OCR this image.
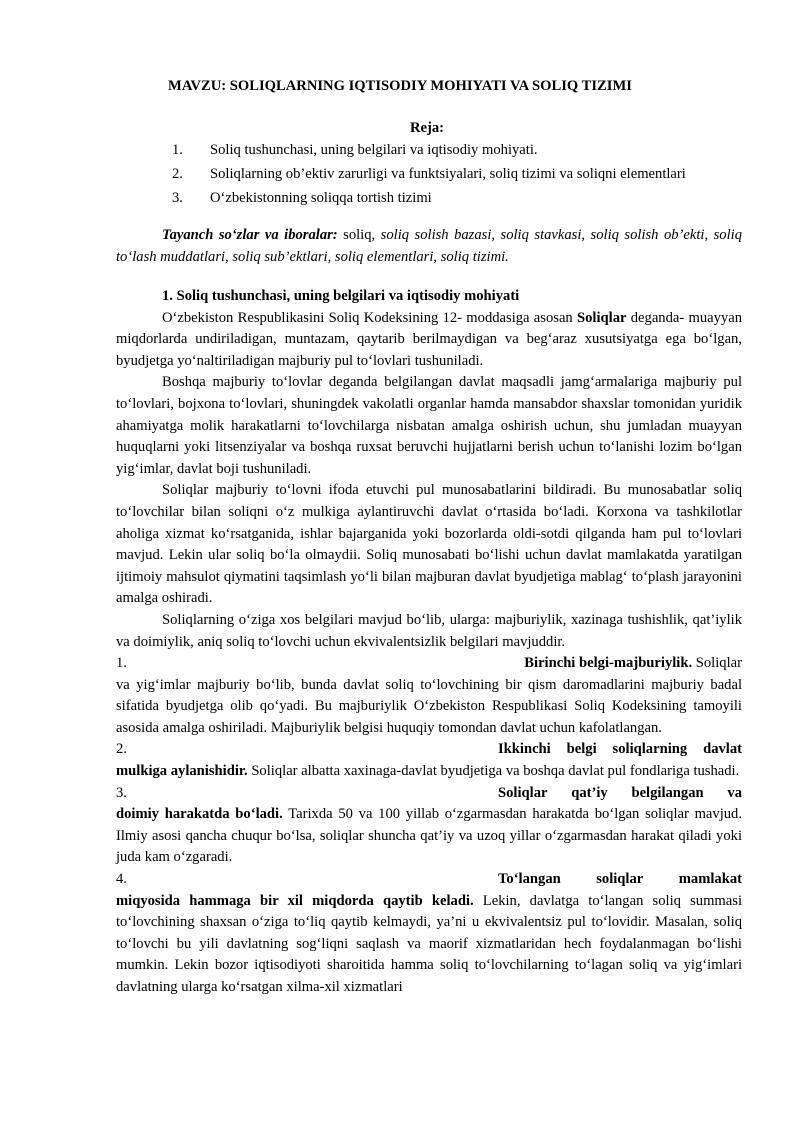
MAVZU: SOLIQLARNING IQTISODIY MOHIYATI VA SOLIQ TIZIMI
Reja:
1. Soliq tushunchasi, uning belgilari va iqtisodiy mohiyati.
2. Soliqlarning ob’ektiv zarurligi va funktsiyalari, soliq tizimi va soliqni elementlari
3. O‘zbekistonning soliqqa tortish tizimi
Tayanch so‘zlar va iboralar: soliq, soliq solish bazasi, soliq stavkasi, soliq solish ob’ekti, soliq to‘lash muddatlari, soliq sub’ektlari, soliq elementlari, soliq tizimi.

1. Soliq tushunchasi, uning belgilari va iqtisodiy mohiyati

O‘zbekiston Respublikasini Soliq Kodeksining 12- moddasiga asosan Soliqlar deganda- muayyan miqdorlarda undiriladigan, muntazam, qaytarib berilmaydigan va beg‘araz xusutsiyatga ega bo‘lgan, byudjetga yo‘naltiriladigan majburiy pul to‘lovlari tushuniladi.

Boshqa majburiy to‘lovlar deganda belgilangan davlat maqsadli jamg‘armalariga majburiy pul to‘lovlari, bojxona to‘lovlari, shuningdek vakolatli organlar hamda mansabdor shaxslar tomonidan yuridik ahamiyatga molik harakatlarni to‘lovchilarga nisbatan amalga oshirish uchun, shu jumladan muayyan huquqlarni yoki litsenziyalar va boshqa ruxsat beruvchi hujjatlarni berish uchun to‘lanishi lozim bo‘lgan yig‘imlar, davlat boji tushuniladi.

Soliqlar majburiy to‘lovni ifoda etuvchi pul munosabatlarini bildiradi. Bu munosabatlar soliq to‘lovchilar bilan soliqni o‘z mulkiga aylantiruvchi davlat o‘rtasida bo‘ladi. Korxona va tashkilotlar aholiga xizmat ko‘rsatganida, ishlar bajarganida yoki bozorlarda oldi-sotdi qilganda ham pul to‘lovlari mavjud. Lekin ular soliq bo‘la olmaydii. Soliq munosabati bo‘lishi uchun davlat mamlakatda yaratilgan ijtimoiy mahsulot qiymatini taqsimlash yo‘li bilan majburan davlat byudjetiga mablag‘ to‘plash jarayonini amalga oshiradi.

Soliqlarning o‘ziga xos belgilari mavjud bo‘lib, ularga: majburiylik, xazinaga tushishlik, qat’iylik va doimiylik, aniq soliq to‘lovchi uchun ekvivalentsizlik belgilari mavjuddir.

1.	Birinchi belgi-majburiylik. Soliqlar

va yig‘imlar majburiy bo‘lib, bunda davlat soliq to‘lovchining bir qism daromadlarini majburiy badal sifatida byudjetga olib qo‘yadi. Bu majburiylik O‘zbekiston Respublikasi Soliq Kodeksining tamoyili asosida amalga oshiriladi. Majburiylik belgisi huquqiy tomondan davlat uchun kafolatlangan.

2.	Ikkinchi belgi soliqlarning davlat

mulkiga aylanishidir. Soliqlar albatta xaxinaga-davlat byudjetiga va boshqa davlat pul fondlariga tushadi.

3.	Soliqlar qat’iy belgilangan va

doimiy harakatda bo‘ladi. Tarixda 50 va 100 yillab o‘zgarmasdan harakatda bo‘lgan soliqlar mavjud. Ilmiy asosi qancha chuqur bo‘lsa, soliqlar shuncha qat’iy va uzoq yillar o‘zgarmasdan harakat qiladi yoki juda kam o‘zgaradi.

4.	To‘langan soliqlar mamlakat

miqyosida hammaga bir xil miqdorda qaytib keladi. Lekin, davlatga to‘langan soliq summasi to‘lovchining shaxsan o‘ziga to‘liq qaytib kelmaydi, ya’ni u ekvivalentsiz pul to‘lovidir. Masalan, soliq to‘lovchi bu yili davlatning sog‘liqni saqlash va maorif xizmatlaridan hech foydalanmagan bo‘lishi mumkin. Lekin bozor iqtisodiyoti sharoitida hamma soliq to‘lovchilarning to‘lagan soliq va yig‘imlari davlatning ularga ko‘rsatgan xilma-xil xizmatlari
